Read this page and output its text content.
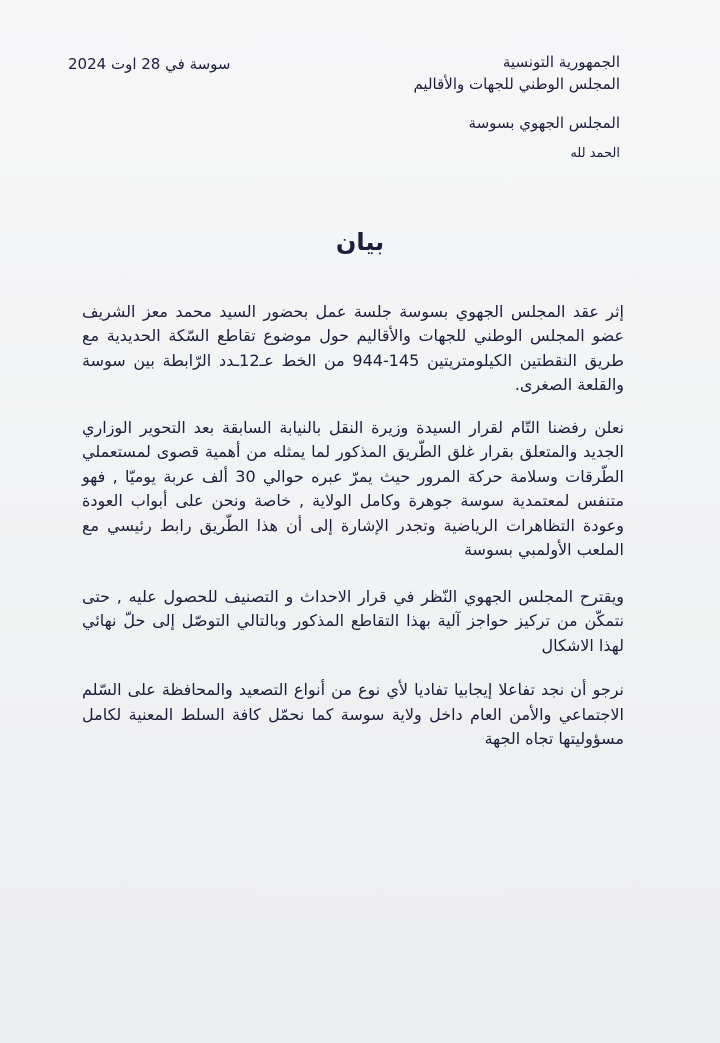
الجمهورية التونسية
المجلس الوطني للجهات والأقاليم
المجلس الجهوي بسوسة
الحمد لله
سوسة في 28 اوت 2024
بيان

إثر عقد المجلس الجهوي بسوسة جلسة عمل بحضور السيد محمد معز الشريف عضو المجلس الوطني للجهات والأقاليم حول موضوع تقاطع السّكة الحديدية مع طريق النقطتين الكيلومتريتين 145-944 من الخط عـ12ـدد الرّابطة بين سوسة والقلعة الصغرى.

نعلن رفضنا التّام لقرار السيدة وزيرة النقل بالنيابة السابقة بعد التحوير الوزاري الجديد والمتعلق بقرار غلق الطّريق المذكور لما يمثله من أهمية قصوى لمستعملي الطّرقات وسلامة حركة المرور حيث يمرّ عبره حوالي 30 ألف عربة يوميّا , فهو متنفس لمعتمدية سوسة جوهرة وكامل الولاية , خاصة ونحن على أبواب العودة وعودة التظاهرات الرياضية وتجدر الإشارة إلى أن هذا الطّريق رابط رئيسي مع الملعب الأولمبي بسوسة

ويقترح المجلس الجهوي النّظر في قرار الاحداث و التصنيف للحصول عليه , حتى نتمكّن من تركيز حواجز آلية بهذا التقاطع المذكور وبالتالي التوصّل إلى حلّ نهائي لهذا الاشكال

نرجو أن نجد تفاعلا إيجابيا تفاديا لأي نوع من أنواع التصعيد والمحافظة على السّلم الاجتماعي والأمن العام داخل ولاية سوسة كما نحمّل كافة السلط المعنية لكامل مسؤوليتها تجاه الجهة
